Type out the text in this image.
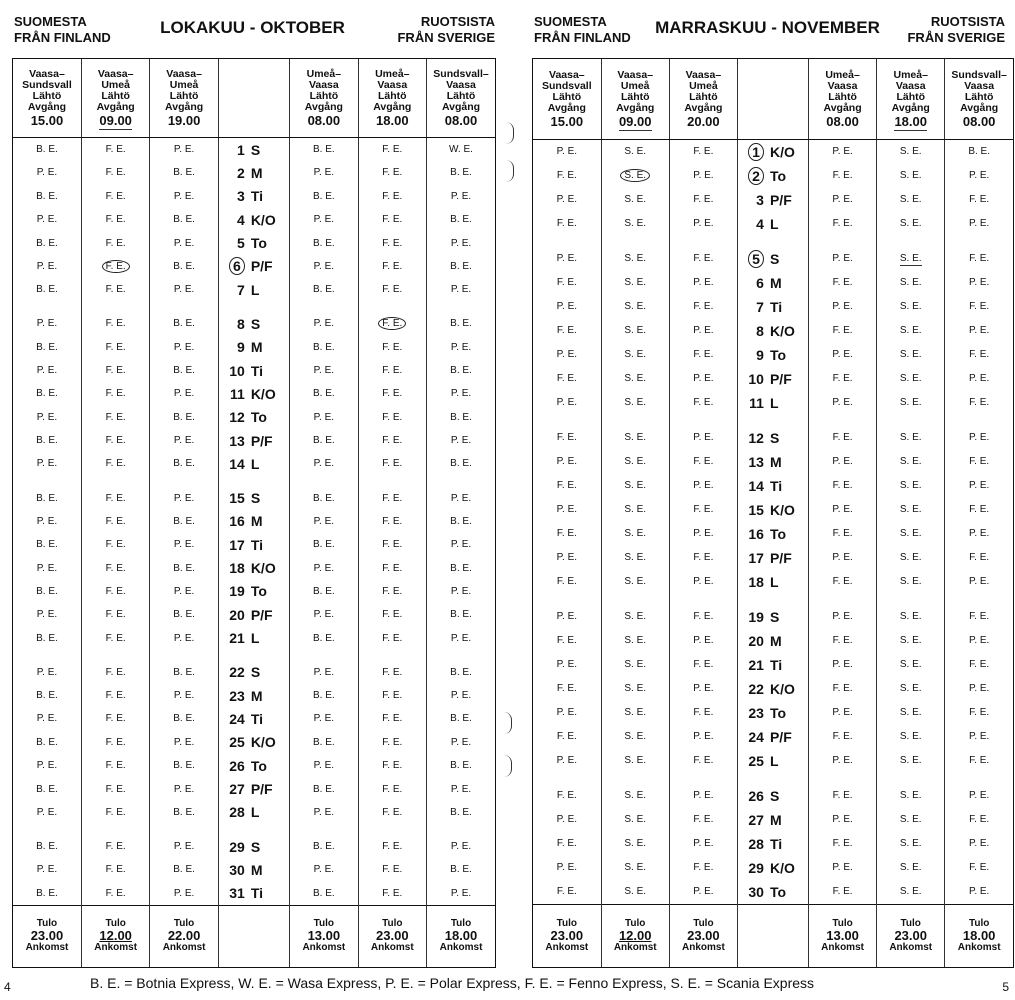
SUOMESTA
FRÅN FINLAND
LOKAKUU - OKTOBER	RUOTSISTA
FRÅN SVERIGE
Vaasa–
Sundsvall
Lähtö
Avgång

15.00	Vaasa–
Umeå
Lähtö
Avgång

09.00	Vaasa–
Umeå
Lähtö
Avgång

19.00		Umeå–
Vaasa
Lähtö
Avgång

08.00	Umeå–
Vaasa
Lähtö
Avgång

18.00	Sundsvall–
Vaasa
Lähtö
Avgång

08.00

B. E.	F. E.	P. E.	1 S	B. E.	F. E.	W. E.
P. E.	F. E.	B. E.	2 M	P. E.	F. E.	B. E.
B. E.	F. E.	P. E.	3 Ti	B. E.	F. E.	P. E.
P. E.	F. E.	B. E.	4 K/O	P. E.	F. E.	B. E.
B. E.	F. E.	P. E.	5 To	B. E.	F. E.	P. E.
P. E.	F. E.	B. E.	6 P/F	P. E.	F. E.	B. E.
B. E.	F. E.	P. E.	7 L	B. E.	F. E.	P. E.

P. E.	F. E.	B. E.	8 S	P. E.	F. E.	B. E.
B. E.	F. E.	P. E.	9 M	B. E.	F. E.	P. E.
P. E.	F. E.	B. E.	10 Ti	P. E.	F. E.	B. E.
B. E.	F. E.	P. E.	11 K/O	B. E.	F. E.	P. E.
P. E.	F. E.	B. E.	12 To	P. E.	F. E.	B. E.
B. E.	F. E.	P. E.	13 P/F	B. E.	F. E.	P. E.
P. E.	F. E.	B. E.	14 L	P. E.	F. E.	B. E.

B. E.	F. E.	P. E.	15 S	B. E.	F. E.	P. E.
P. E.	F. E.	B. E.	16 M	P. E.	F. E.	B. E.
B. E.	F. E.	P. E.	17 Ti	B. E.	F. E.	P. E.
P. E.	F. E.	B. E.	18 K/O	P. E.	F. E.	B. E.
B. E.	F. E.	P. E.	19 To	B. E.	F. E.	P. E.
P. E.	F. E.	B. E.	20 P/F	P. E.	F. E.	B. E.
B. E.	F. E.	P. E.	21 L	B. E.	F. E.	P. E.

P. E.	F. E.	B. E.	22 S	P. E.	F. E.	B. E.
B. E.	F. E.	P. E.	23 M	B. E.	F. E.	P. E.
P. E.	F. E.	B. E.	24 Ti	P. E.	F. E.	B. E.
B. E.	F. E.	P. E.	25 K/O	B. E.	F. E.	P. E.
P. E.	F. E.	B. E.	26 To	P. E.	F. E.	B. E.
B. E.	F. E.	P. E.	27 P/F	B. E.	F. E.	P. E.
P. E.	F. E.	B. E.	28 L	P. E.	F. E.	B. E.

B. E.	F. E.	P. E.	29 S	B. E.	F. E.	P. E.
P. E.	F. E.	B. E.	30 M	P. E.	F. E.	B. E.
B. E.	F. E.	P. E.	31 Ti	B. E.	F. E.	P. E.
Tulo

23.00
Ankomst	Tulo

12.00
Ankomst	Tulo

22.00
Ankomst		Tulo

13.00
Ankomst	Tulo

23.00
Ankomst	Tulo

18.00
Ankomst

4
SUOMESTA
FRÅN FINLAND
MARRASKUU - NOVEMBER	RUOTSISTA
FRÅN SVERIGE
Vaasa–
Sundsvall
Lähtö
Avgång

15.00	Vaasa–
Umeå
Lähtö
Avgång

09.00	Vaasa–
Umeå
Lähtö
Avgång

20.00		Umeå–
Vaasa
Lähtö
Avgång

08.00	Umeå–
Vaasa
Lähtö
Avgång

18.00	Sundsvall–
Vaasa
Lähtö
Avgång

08.00

P. E.	S. E.	F. E.	1 K/O	P. E.	S. E.	B. E.
F. E.	S. E.	P. E.	2 To	F. E.	S. E.	P. E.
P. E.	S. E.	F. E.	3 P/F	P. E.	S. E.	F. E.
F. E.	S. E.	P. E.	4 L	F. E.	S. E.	P. E.

P. E.	S. E.	F. E.	5 S	P. E.	S. E.	F. E.
F. E.	S. E.	P. E.	6 M	F. E.	S. E.	P. E.
P. E.	S. E.	F. E.	7 Ti	P. E.	S. E.	F. E.
F. E.	S. E.	P. E.	8 K/O	F. E.	S. E.	P. E.
P. E.	S. E.	F. E.	9 To	P. E.	S. E.	F. E.
F. E.	S. E.	P. E.	10 P/F	F. E.	S. E.	P. E.
P. E.	S. E.	F. E.	11 L	P. E.	S. E.	F. E.

F. E.	S. E.	P. E.	12 S	F. E.	S. E.	P. E.
P. E.	S. E.	F. E.	13 M	P. E.	S. E.	F. E.
F. E.	S. E.	P. E.	14 Ti	F. E.	S. E.	P. E.
P. E.	S. E.	F. E.	15 K/O	P. E.	S. E.	F. E.
F. E.	S. E.	P. E.	16 To	F. E.	S. E.	P. E.
P. E.	S. E.	F. E.	17 P/F	P. E.	S. E.	F. E.
F. E.	S. E.	P. E.	18 L	F. E.	S. E.	P. E.

P. E.	S. E.	F. E.	19 S	P. E.	S. E.	F. E.
F. E.	S. E.	P. E.	20 M	F. E.	S. E.	P. E.
P. E.	S. E.	F. E.	21 Ti	P. E.	S. E.	F. E.
F. E.	S. E.	P. E.	22 K/O	F. E.	S. E.	P. E.
P. E.	S. E.	F. E.	23 To	P. E.	S. E.	F. E.
F. E.	S. E.	P. E.	24 P/F	F. E.	S. E.	P. E.
P. E.	S. E.	F. E.	25 L	P. E.	S. E.	F. E.

F. E.	S. E.	P. E.	26 S	F. E.	S. E.	P. E.
P. E.	S. E.	F. E.	27 M	P. E.	S. E.	F. E.
F. E.	S. E.	P. E.	28 Ti	F. E.	S. E.	P. E.
P. E.	S. E.	F. E.	29 K/O	P. E.	S. E.	F. E.
F. E.	S. E.	P. E.	30 To	F. E.	S. E.	P. E.
Tulo

23.00
Ankomst	Tulo

12.00
Ankomst	Tulo

23.00
Ankomst		Tulo

13.00
Ankomst	Tulo

23.00
Ankomst	Tulo

18.00
Ankomst

5
B. E. = Botnia Express, W. E. = Wasa Express, P. E. = Polar Express, F. E. = Fenno Express, S. E. = Scania Express
